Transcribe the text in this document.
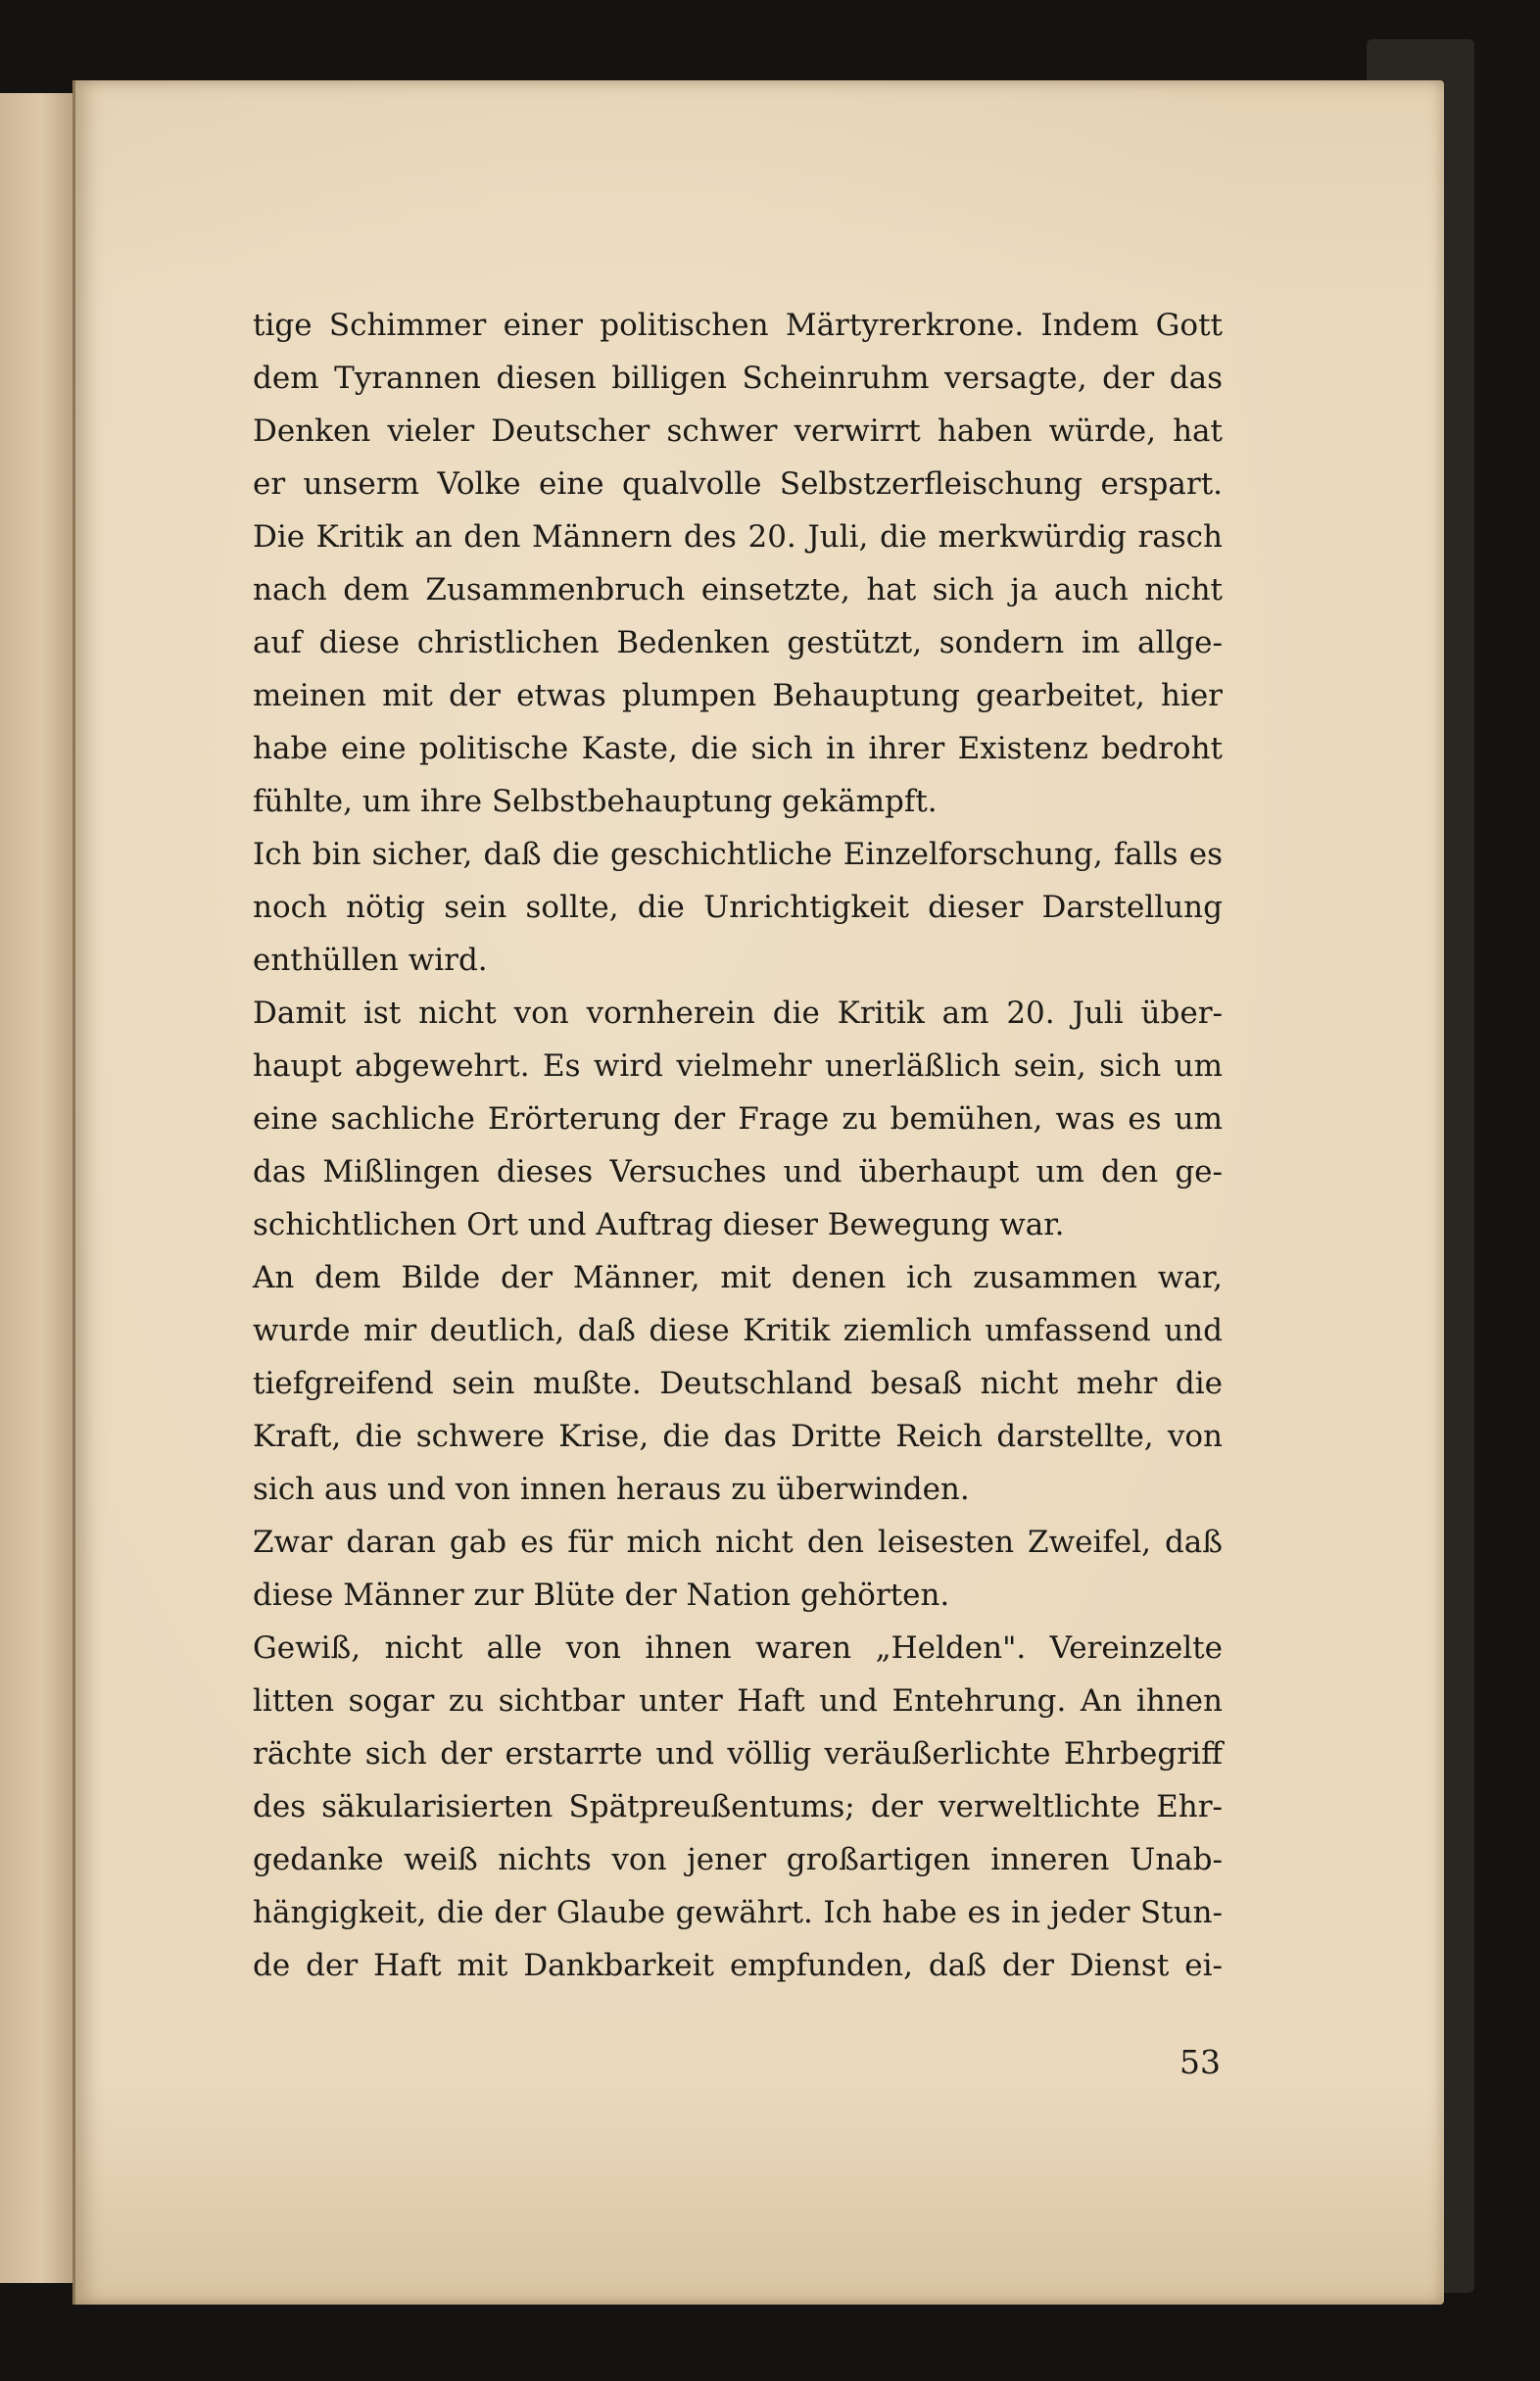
tige Schimmer einer politischen Märtyrerkrone. Indem Gott
dem Tyrannen diesen billigen Scheinruhm versagte, der das
Denken vieler Deutscher schwer verwirrt haben würde, hat
er unserm Volke eine qualvolle Selbstzerfleischung erspart.
Die Kritik an den Männern des 20. Juli, die merkwürdig rasch
nach dem Zusammenbruch einsetzte, hat sich ja auch nicht
auf diese christlichen Bedenken gestützt, sondern im allge-
meinen mit der etwas plumpen Behauptung gearbeitet, hier
habe eine politische Kaste, die sich in ihrer Existenz bedroht
fühlte, um ihre Selbstbehauptung gekämpft.
Ich bin sicher, daß die geschichtliche Einzelforschung, falls es
noch nötig sein sollte, die Unrichtigkeit dieser Darstellung
enthüllen wird.
Damit ist nicht von vornherein die Kritik am 20. Juli über-
haupt abgewehrt. Es wird vielmehr unerläßlich sein, sich um
eine sachliche Erörterung der Frage zu bemühen, was es um
das Mißlingen dieses Versuches und überhaupt um den ge-
schichtlichen Ort und Auftrag dieser Bewegung war.
An dem Bilde der Männer, mit denen ich zusammen war,
wurde mir deutlich, daß diese Kritik ziemlich umfassend und
tiefgreifend sein mußte. Deutschland besaß nicht mehr die
Kraft, die schwere Krise, die das Dritte Reich darstellte, von
sich aus und von innen heraus zu überwinden.
Zwar daran gab es für mich nicht den leisesten Zweifel, daß
diese Männer zur Blüte der Nation gehörten.
Gewiß, nicht alle von ihnen waren „Helden". Vereinzelte
litten sogar zu sichtbar unter Haft und Entehrung. An ihnen
rächte sich der erstarrte und völlig veräußerlichte Ehrbegriff
des säkularisierten Spätpreußentums; der verweltlichte Ehr-
gedanke weiß nichts von jener großartigen inneren Unab-
hängigkeit, die der Glaube gewährt. Ich habe es in jeder Stun-
de der Haft mit Dankbarkeit empfunden, daß der Dienst ei-
53
